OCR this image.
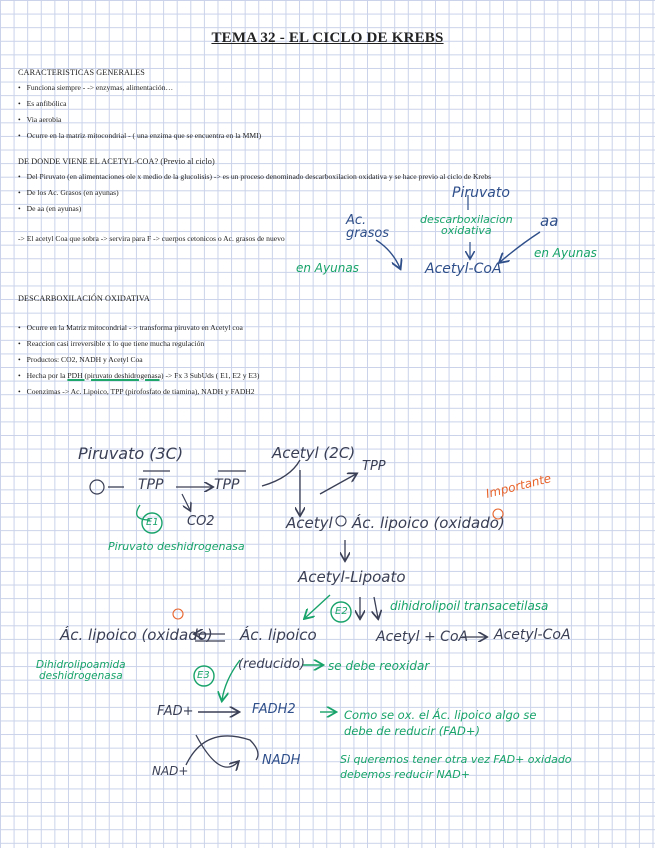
TEMA 32 - EL CICLO DE KREBS
CARACTERISTICAS GENERALES
• Funciona siempre - -> enzymas, alimentación…
• Es anfibólica
• Via aerobia
• Ocurre en la matriz mitocondrial - ( una enzima que se encuentra en la MMI)
DE DONDE VIENE EL ACETYL-COA? (Previo al ciclo)
• Del Piruvato (en alimentaciones ole x medio de la glucolisis) -> es un proceso denominado descarboxilacion oxidativa y se hace previo al ciclo de Krebs
• De los Ac. Grasos (en ayunas)
• De aa (en ayunas)
-> El acetyl Coa que sobra -> servira para F -> cuerpos cetonicos o Ac. grasos de nuevo
DESCARBOXILACIÓN OXIDATIVA
• Ocurre en la Matriz mitocondrial - > transforma piruvato en Acetyl coa
• Reaccion casi irreversible x lo que tiene mucha regulación
• Productos: CO2, NADH y Acetyl Coa
• Hecha por la PDH (piruvato deshidrogenasa) -> Fx 3 SubUds ( E1, E2 y E3)
• Coenzimas -> Ac. Lipoico, TPP (pirofosfato de tiamina), NADH y FADH2
Piruvato
Ac.
grasos
aa
descarboxilacion
oxidativa
Acetyl-CoA
en Ayunas
en Ayunas
Piruvato (3C)	Acetyl (2C)
TPP	TPP
TPP
E1 CO2
Piruvato deshidrogenasa
Acetyl Ác. lipoico (oxidado)
Importante
Acetyl-Lipoato
E2	dihidrolipoil transacetilasa
Ác. lipoico (oxidado) Ác. lipoico
(reducido) se debe reoxidar
Acetyl + CoA Acetyl-CoA
Dihidrolipoamida
deshidrogenasa	E3
FAD+	FADH2
NAD+
NADH
Como se ox. el Ác. lipoico algo se
debe de reducir (FAD+)
Si queremos tener otra vez FAD+ oxidado
debemos reducir NAD+
